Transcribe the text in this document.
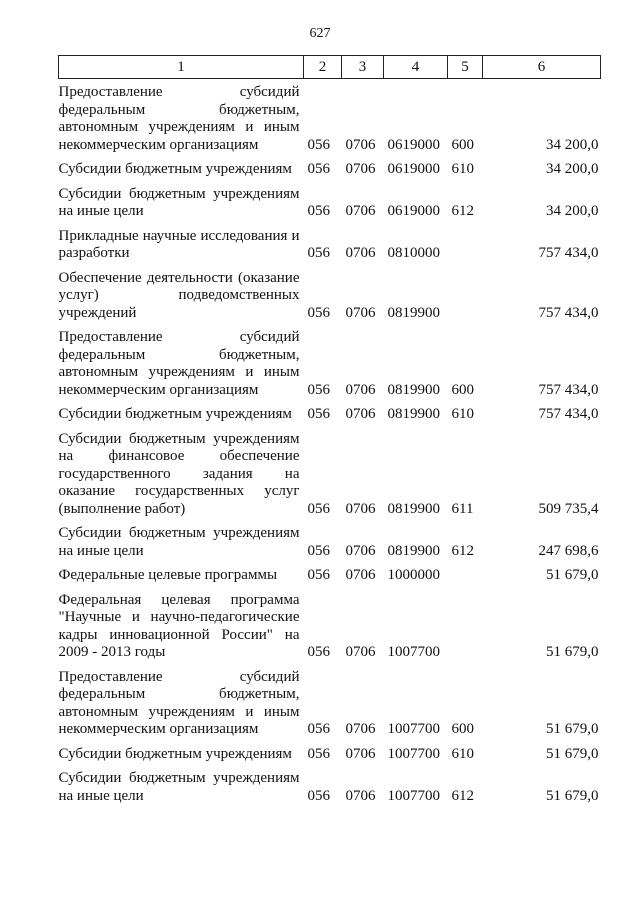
627
1	2	3	4	5	6
Предоставление субсидий федеральным бюджетным, автономным учреждениям и иным некоммерческим организациям	056	0706	0619000	600	34 200,0
Субсидии бюджетным учреждениям	056	0706	0619000	610	34 200,0
Субсидии бюджетным учреждениям на иные цели	056	0706	0619000	612	34 200,0
Прикладные научные исследования и разработки	056	0706	0810000		757 434,0
Обеспечение деятельности (оказание услуг) подведомственных учреждений	056	0706	0819900		757 434,0
Предоставление субсидий федеральным бюджетным, автономным учреждениям и иным некоммерческим организациям	056	0706	0819900	600	757 434,0
Субсидии бюджетным учреждениям	056	0706	0819900	610	757 434,0
Субсидии бюджетным учреждениям на финансовое обеспечение государственного задания на оказание государственных услуг (выполнение работ)	056	0706	0819900	611	509 735,4
Субсидии бюджетным учреждениям на иные цели	056	0706	0819900	612	247 698,6
Федеральные целевые программы	056	0706	1000000		51 679,0
Федеральная целевая программа "Научные и научно-педагогические кадры инновационной России" на 2009 - 2013 годы	056	0706	1007700		51 679,0
Предоставление субсидий федеральным бюджетным, автономным учреждениям и иным некоммерческим организациям	056	0706	1007700	600	51 679,0
Субсидии бюджетным учреждениям	056	0706	1007700	610	51 679,0
Субсидии бюджетным учреждениям на иные цели	056	0706	1007700	612	51 679,0
